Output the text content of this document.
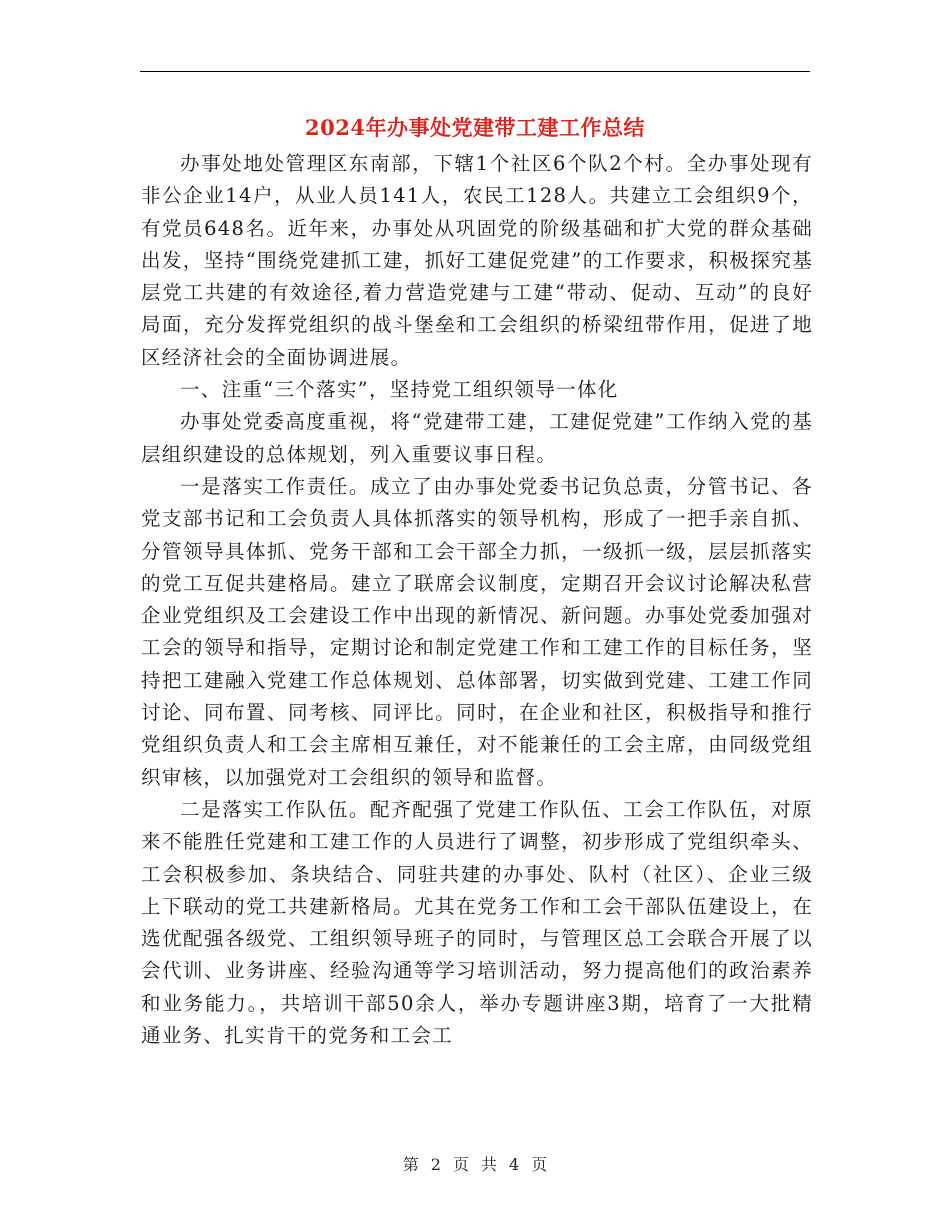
2024年办事处党建带工建工作总结

办事处地处管理区东南部，下辖1个社区6个队2个村。全办事处现有非公企业14户，从业人员141人，农民工128人。共建立工会组织9个，有党员648名。近年来，办事处从巩固党的阶级基础和扩大党的群众基础出发，坚持“围绕党建抓工建，抓好工建促党建”的工作要求，积极探究基层党工共建的有效途径,着力营造党建与工建“带动、促动、互动”的良好局面，充分发挥党组织的战斗堡垒和工会组织的桥梁纽带作用，促进了地区经济社会的全面协调进展。

一、注重“三个落实”，坚持党工组织领导一体化

办事处党委高度重视，将“党建带工建，工建促党建”工作纳入党的基层组织建设的总体规划，列入重要议事日程。

一是落实工作责任。成立了由办事处党委书记负总责，分管书记、各党支部书记和工会负责人具体抓落实的领导机构，形成了一把手亲自抓、分管领导具体抓、党务干部和工会干部全力抓，一级抓一级，层层抓落实的党工互促共建格局。建立了联席会议制度，定期召开会议讨论解决私营企业党组织及工会建设工作中出现的新情况、新问题。办事处党委加强对工会的领导和指导，定期讨论和制定党建工作和工建工作的目标任务，坚持把工建融入党建工作总体规划、总体部署，切实做到党建、工建工作同讨论、同布置、同考核、同评比。同时，在企业和社区，积极指导和推行党组织负责人和工会主席相互兼任，对不能兼任的工会主席，由同级党组织审核，以加强党对工会组织的领导和监督。

二是落实工作队伍。配齐配强了党建工作队伍、工会工作队伍，对原来不能胜任党建和工建工作的人员进行了调整，初步形成了党组织牵头、工会积极参加、条块结合、同驻共建的办事处、队村（社区）、企业三级上下联动的党工共建新格局。尤其在党务工作和工会干部队伍建设上，在选优配强各级党、工组织领导班子的同时，与管理区总工会联合开展了以会代训、业务讲座、经验沟通等学习培训活动，努力提高他们的政治素养和业务能力。，共培训干部50余人，举办专题讲座3期，培育了一大批精通业务、扎实肯干的党务和工会工

第 2 页 共 4 页
